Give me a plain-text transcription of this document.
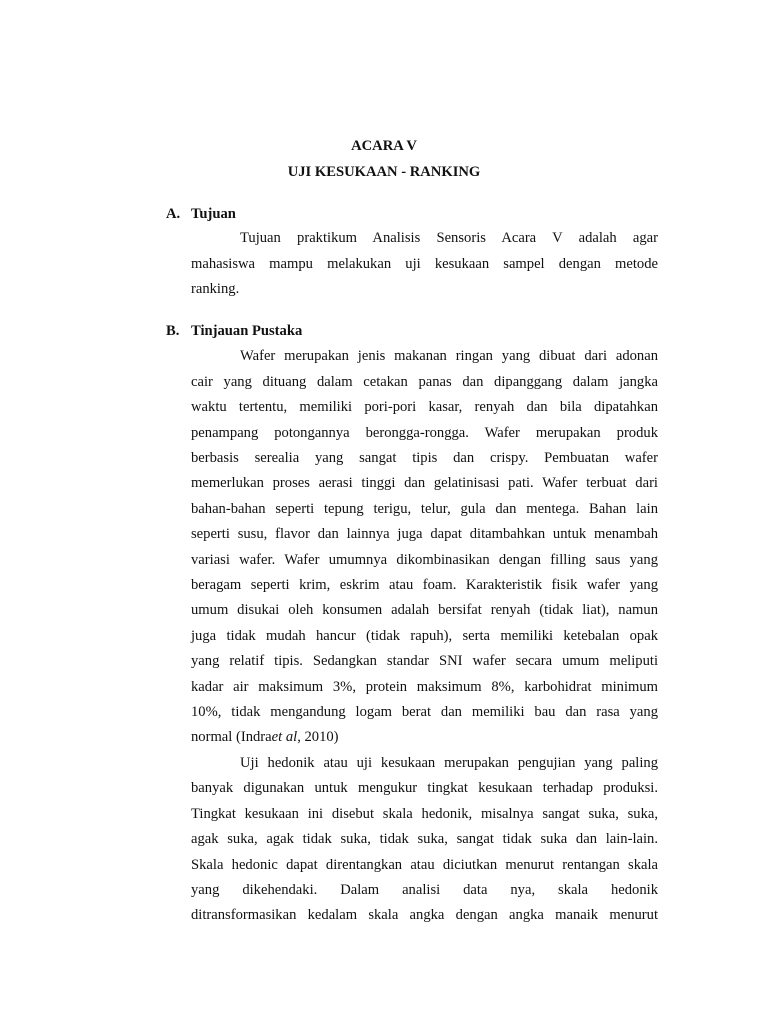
ACARA V
UJI KESUKAAN - RANKING
A. Tujuan
Tujuan praktikum Analisis Sensoris Acara V adalah agar
mahasiswa mampu melakukan uji kesukaan sampel dengan metode
ranking.
B. Tinjauan Pustaka
Wafer merupakan jenis makanan ringan yang dibuat dari adonan
cair yang dituang dalam cetakan panas dan dipanggang dalam jangka
waktu tertentu, memiliki pori-pori kasar, renyah dan bila dipatahkan
penampang potongannya berongga-rongga. Wafer merupakan produk
berbasis serealia yang sangat tipis dan crispy. Pembuatan wafer
memerlukan proses aerasi tinggi dan gelatinisasi pati. Wafer terbuat dari
bahan-bahan seperti tepung terigu, telur, gula dan mentega. Bahan lain
seperti susu, flavor dan lainnya juga dapat ditambahkan untuk menambah
variasi wafer. Wafer umumnya dikombinasikan dengan filling saus yang
beragam seperti krim, eskrim atau foam. Karakteristik fisik wafer yang
umum disukai oleh konsumen adalah bersifat renyah (tidak liat), namun
juga tidak mudah hancur (tidak rapuh), serta memiliki ketebalan opak
yang relatif tipis. Sedangkan standar SNI wafer secara umum meliputi
kadar air maksimum 3%, protein maksimum 8%, karbohidrat minimum
10%, tidak mengandung logam berat dan memiliki bau dan rasa yang
normal (Indraet al, 2010)
Uji hedonik atau uji kesukaan merupakan pengujian yang paling
banyak digunakan untuk mengukur tingkat kesukaan terhadap produksi.
Tingkat kesukaan ini disebut skala hedonik, misalnya sangat suka, suka,
agak suka, agak tidak suka, tidak suka, sangat tidak suka dan lain-lain.
Skala hedonic dapat direntangkan atau diciutkan menurut rentangan skala
yang dikehendaki. Dalam analisi data nya, skala hedonik
ditransformasikan kedalam skala angka dengan angka manaik menurut
